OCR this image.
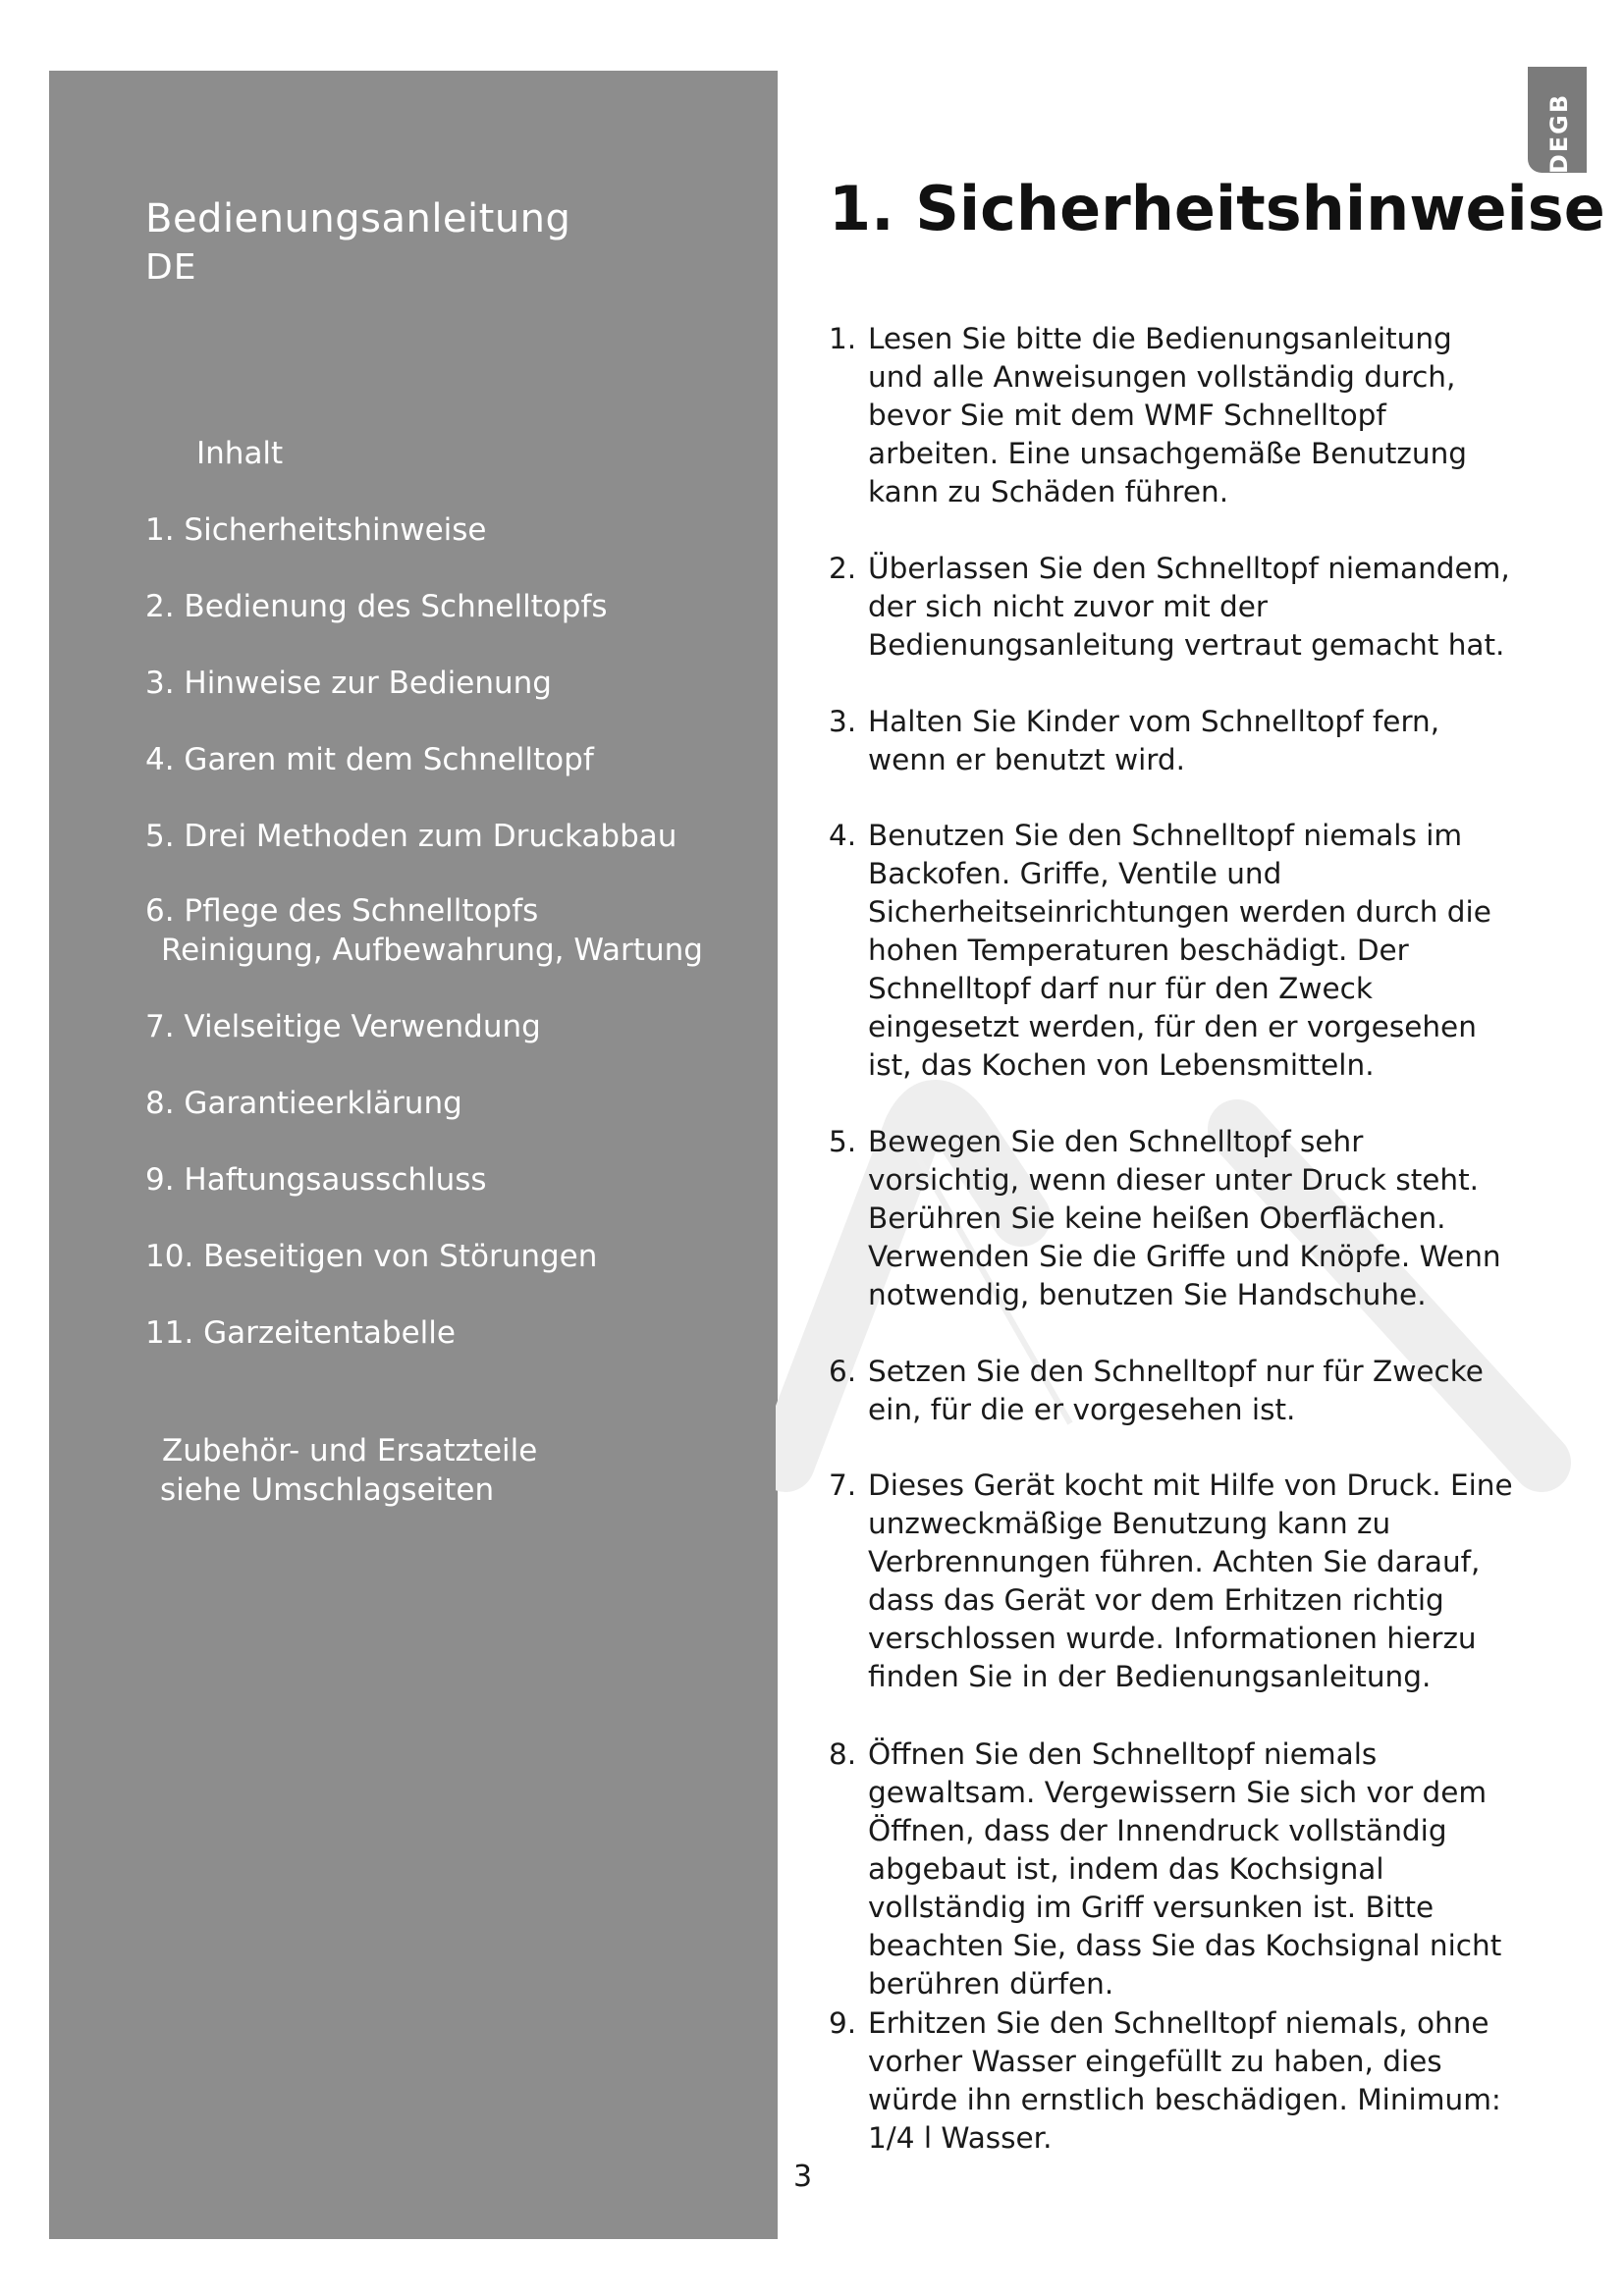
Bedienungsanleitung
DE
Inhalt
1. Sicherheitshinweise
2. Bedienung des Schnelltopfs
3. Hinweise zur Bedienung
4. Garen mit dem Schnelltopf
5. Drei Methoden zum Druckabbau
6. Pflege des Schnelltopfs
Reinigung, Aufbewahrung, Wartung
7. Vielseitige Verwendung
8. Garantieerklärung
9. Haftungsausschluss
10. Beseitigen von Störungen
11. Garzeitentabelle
Zubehör- und Ersatzteile
siehe Umschlagseiten
DEGB
1. Sicherheitshinweise
1. Lesen Sie bitte die Bedienungsanleitung und alle Anweisungen vollständig durch, bevor Sie mit dem WMF Schnelltopf arbeiten. Eine unsachgemäße Benutzung kann zu Schäden führen.
2. Überlassen Sie den Schnelltopf niemandem, der sich nicht zuvor mit der Bedienungsanleitung vertraut gemacht hat.
3. Halten Sie Kinder vom Schnelltopf fern, wenn er benutzt wird.
4. Benutzen Sie den Schnelltopf niemals im Backofen. Griffe, Ventile und Sicherheitseinrichtungen werden durch die hohen Temperaturen beschädigt. Der Schnelltopf darf nur für den Zweck eingesetzt werden, für den er vorgesehen ist, das Kochen von Lebensmitteln.
5. Bewegen Sie den Schnelltopf sehr vorsichtig, wenn dieser unter Druck steht. Berühren Sie keine heißen Oberflächen. Verwenden Sie die Griffe und Knöpfe. Wenn notwendig, benutzen Sie Handschuhe.
6. Setzen Sie den Schnelltopf nur für Zwecke ein, für die er vorgesehen ist.
7. Dieses Gerät kocht mit Hilfe von Druck. Eine unzweckmäßige Benutzung kann zu Verbrennungen führen. Achten Sie darauf, dass das Gerät vor dem Erhitzen richtig verschlossen wurde. Informationen hierzu finden Sie in der Bedienungsanleitung.
8. Öffnen Sie den Schnelltopf niemals gewaltsam. Vergewissern Sie sich vor dem Öffnen, dass der Innendruck vollständig abgebaut ist, indem das Kochsignal vollständig im Griff versunken ist. Bitte beachten Sie, dass Sie das Kochsignal nicht berühren dürfen.
9. Erhitzen Sie den Schnelltopf niemals, ohne vorher Wasser eingefüllt zu haben, dies würde ihn ernstlich beschädigen. Minimum: 1/4 l Wasser.
3
